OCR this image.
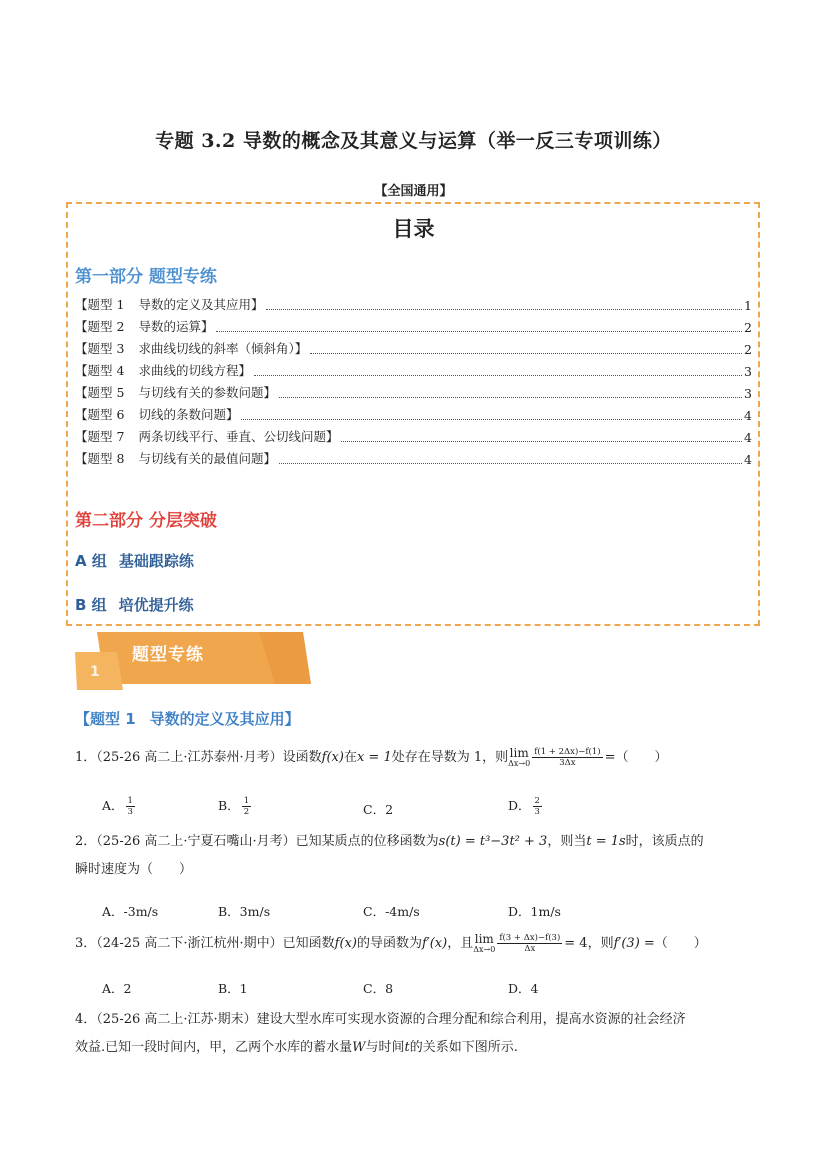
专题 3.2 导数的概念及其意义与运算（举一反三专项训练）
【全国通用】
目录
第一部分 题型专练
【题型 1 导数的定义及其应用】	1
【题型 2 导数的运算】	2
【题型 3 求曲线切线的斜率（倾斜角）】	2
【题型 4 求曲线的切线方程】	3
【题型 5 与切线有关的参数问题】	3
【题型 6 切线的条数问题】	4
【题型 7 两条切线平行、垂直、公切线问题】	4
【题型 8 与切线有关的最值问题】	4
第二部分 分层突破
A 组 基础跟踪练
B 组 培优提升练
题型专练
1
【题型 1 导数的定义及其应用】
1．（25-26 高二上·江苏泰州·月考）设函数f(x)在x = 1处存在导数为 1，则 lim
$\Delta x\to 0 \frac{f(1 + 2\Delta x)-f(1)}{3\Delta x}$ =（　　）
A． $\frac{1}{3}$	B． $\frac{1}{2}$	C．2	D． $\frac{2}{3}$
2．（25-26 高二上·宁夏石嘴山·月考）已知某质点的位移函数为s(t) = t³−3t² + 3，则当t = 1s时，该质点的
瞬时速度为（　　）
A．-3m/s	B．3m/s	C．-4m/s	D．1m/s
3．（24-25 高二下·浙江杭州·期中）已知函数f(x)的导函数为f′(x)，且 lim
$\Delta x\to 0 \frac{f(3 + \Delta x)-f(3)}{\Delta x} = 4$，则f′(3) =（　　）
A．2	B．1	C．8	D．4
4．（25-26 高二上·江苏·期末）建设大型水库可实现水资源的合理分配和综合利用，提高水资源的社会经济
效益.已知一段时间内，甲，乙两个水库的蓄水量W与时间t的关系如下图所示.
